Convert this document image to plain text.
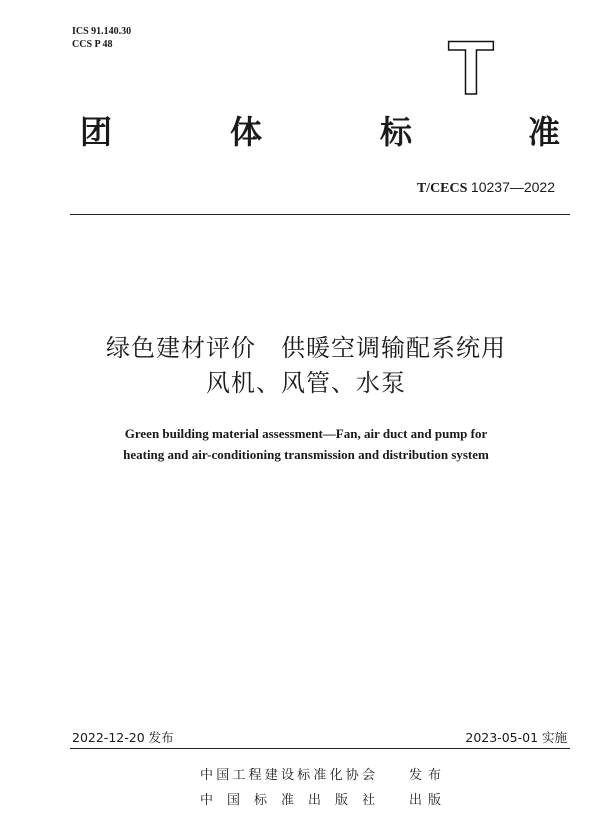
ICS 91.140.30
CCS P 48	T
团	体	标	准
T/CECS 10237—2022
绿色建材评价　供暖空调输配系统用
风机、风管、水泵
Green building material assessment—Fan, air duct and pump for
heating and air-conditioning transmission and distribution system
2022-12-20 发布	2023-05-01 实施
中国工程建设标准化协会	发布
中国标准出版社	出版
